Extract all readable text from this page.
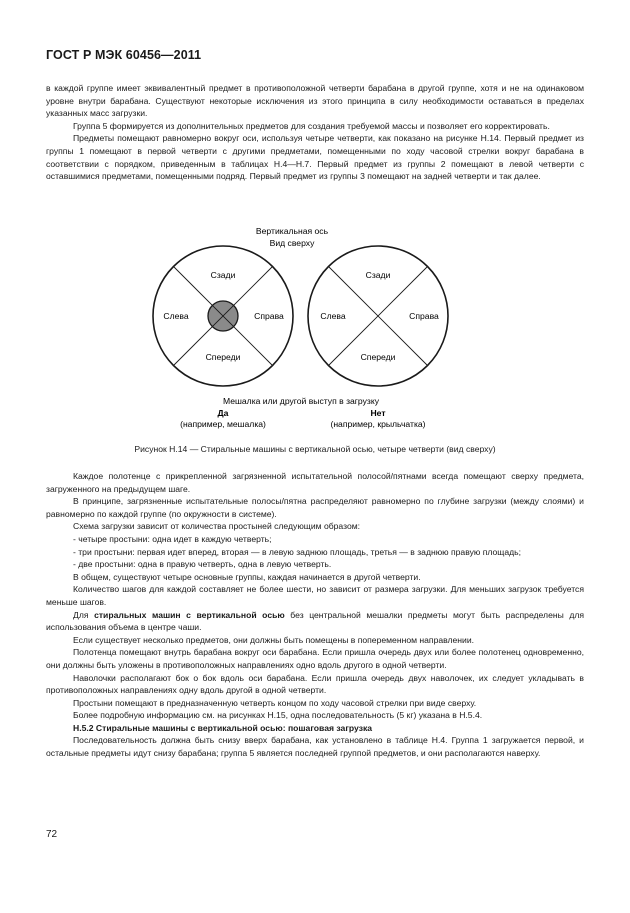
ГОСТ Р МЭК 60456—2011

в каждой группе имеет эквивалентный предмет в противоположной четверти барабана в другой группе, хотя и не на одинаковом уровне внутри барабана. Существуют некоторые исключения из этого принципа в силу необходимости оставаться в пределах указанных масс загрузки.

Группа 5 формируется из дополнительных предметов для создания требуемой массы и позволяет его корректировать.

Предметы помещают равномерно вокруг оси, используя четыре четверти, как показано на рисунке Н.14. Первый предмет из группы 1 помещают в первой четверти с другими предметами, помещенными по ходу часовой стрелки вокруг барабана в соответствии с порядком, приведенным в таблицах Н.4—Н.7. Первый предмет из группы 2 помещают в левой четверти с оставшимися предметами, помещенными подряд. Первый предмет из группы 3 помещают на задней четверти и так далее.

Вертикальная ось
Вид сверху
Сзади
Слева	Справа
Спереди
Сзади
Слева	Справа
Спереди
Мешалка или другой выступ в загрузку
Да
(например, мешалка)
Нет
(например, крыльчатка)
Рисунок Н.14 — Стиральные машины с вертикальной осью, четыре четверти (вид сверху)

Каждое полотенце с прикрепленной загрязненной испытательной полосой/пятнами всегда помещают сверху предмета, загруженного на предыдущем шаге.

В принципе, загрязненные испытательные полосы/пятна распределяют равномерно по глубине загрузки (между слоями) и равномерно по каждой группе (по окружности в системе).

Схема загрузки зависит от количества простыней следующим образом:

- четыре простыни: одна идет в каждую четверть;

- три простыни: первая идет вперед, вторая — в левую заднюю площадь, третья — в заднюю правую площадь;

- две простыни: одна в правую четверть, одна в левую четверть.

В общем, существуют четыре основные группы, каждая начинается в другой четверти.

Количество шагов для каждой составляет не более шести, но зависит от размера загрузки. Для меньших загрузок требуется меньше шагов.

Для стиральных машин с вертикальной осью без центральной мешалки предметы могут быть распределены для использования объема в центре чаши.

Если существует несколько предметов, они должны быть помещены в попеременном направлении.

Полотенца помещают внутрь барабана вокруг оси барабана. Если пришла очередь двух или более полотенец одновременно, они должны быть уложены в противоположных направлениях одно вдоль другого в одной четверти.

Наволочки располагают бок о бок вдоль оси барабана. Если пришла очередь двух наволочек, их следует укладывать в противоположных направлениях одну вдоль другой в одной четверти.

Простыни помещают в предназначенную четверть концом по ходу часовой стрелки при виде сверху.

Более подробную информацию см. на рисунках Н.15, одна последовательность (5 кг) указана в Н.5.4.

Н.5.2 Стиральные машины с вертикальной осью: пошаговая загрузка

Последовательность должна быть снизу вверх барабана, как установлено в таблице Н.4. Группа 1 загружается первой, и остальные предметы идут снизу барабана; группа 5 является последней группой предметов, и они располагаются наверху.

72
